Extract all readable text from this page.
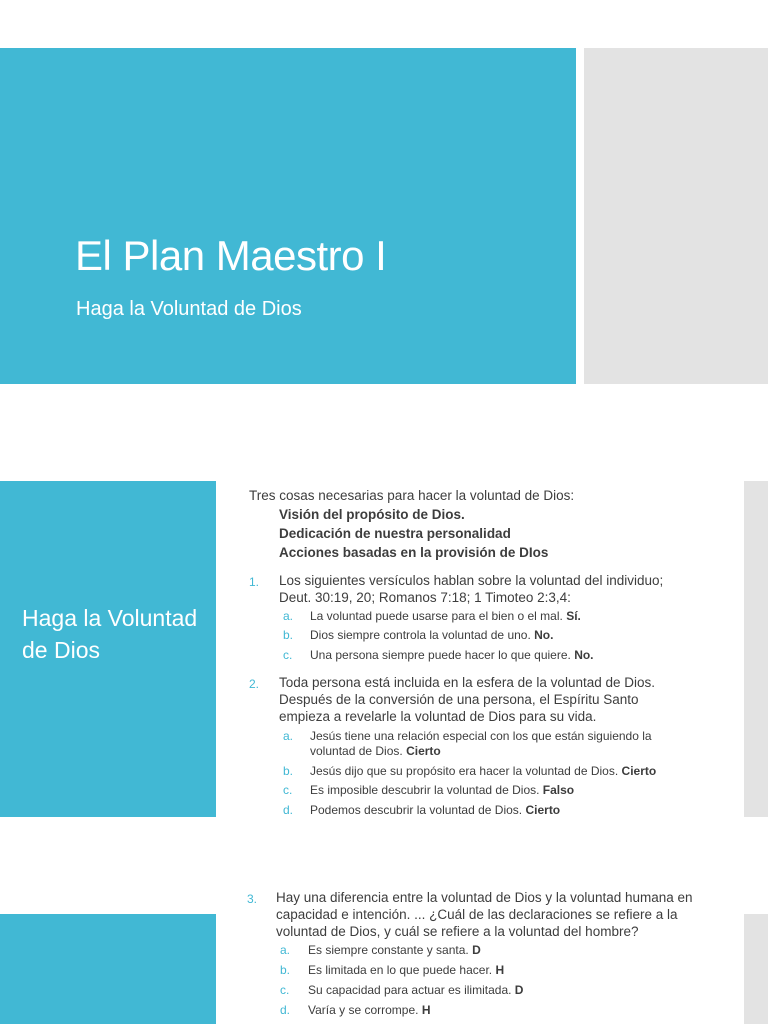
El Plan Maestro I
Haga la Voluntad de Dios
Haga la Voluntad de Dios
Tres cosas necesarias para hacer la voluntad de Dios:
Visión del propósito de Dios.
Dedicación de nuestra personalidad
Acciones basadas en la provisión de DIos
1. Los siguientes versículos hablan sobre la voluntad del individuo;
Deut. 30:19, 20; Romanos 7:18; 1 Timoteo 2:3,4:
a. La voluntad puede usarse para el bien o el mal. Sí.
b. Dios siempre controla la voluntad de uno. No.
c. Una persona siempre puede hacer lo que quiere. No.
2. Toda persona está incluida en la esfera de la voluntad de Dios.
Después de la conversión de una persona, el Espíritu Santo
empieza a revelarle la voluntad de Dios para su vida.
a. Jesús tiene una relación especial con los que están siguiendo la
voluntad de Dios. Cierto
b. Jesús dijo que su propósito era hacer la voluntad de Dios. Cierto
c. Es imposible descubrir la voluntad de Dios. Falso
d. Podemos descubrir la voluntad de Dios. Cierto
3. Hay una diferencia entre la voluntad de Dios y la voluntad humana en
capacidad e intención. ... ¿Cuál de las declaraciones se refiere a la
voluntad de Dios, y cuál se refiere a la voluntad del hombre?
a. Es siempre constante y santa. D
b. Es limitada en lo que puede hacer. H
c. Su capacidad para actuar es ilimitada. D
d. Varía y se corrompe. H
